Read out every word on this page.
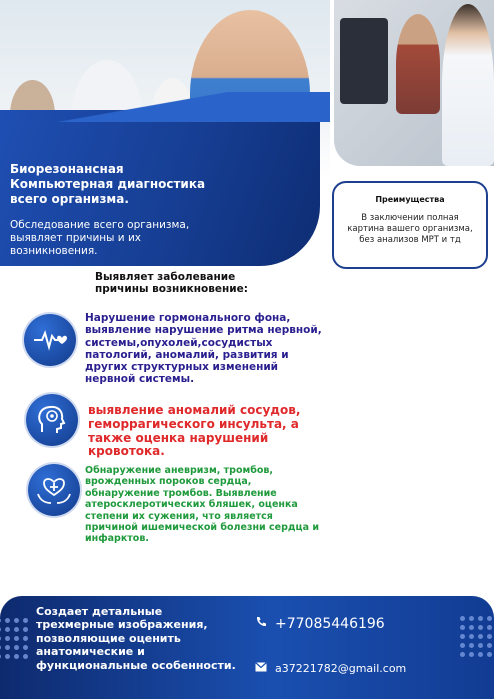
Биорезонансная Компьютерная диагностика всего организма.
Обследование всего организма, выявляет причины и их возникновения.
Преимущества
В заключении полная картина вашего организма, без анализов МРТ и тд
Выявляет заболевание причины возникновение:
Нарушение гормонального фона, выявление нарушение ритма нервной, системы,опухолей,сосудистых патологий, аномалий, развития и других структурных изменений нервной системы.
выявление аномалий сосудов, геморрагического инсульта, а также оценка нарушений кровотока.
Обнаружение аневризм, тромбов, врожденных пороков сердца, обнаружение тромбов. Выявление атеросклеротических бляшек, оценка степени их сужения, что является причиной ишемической болезни сердца и инфарктов.
Создает детальные трехмерные изображения, позволяющие оценить анатомические и функциональные особенности.
+77085446196
a37221782@gmail.com
